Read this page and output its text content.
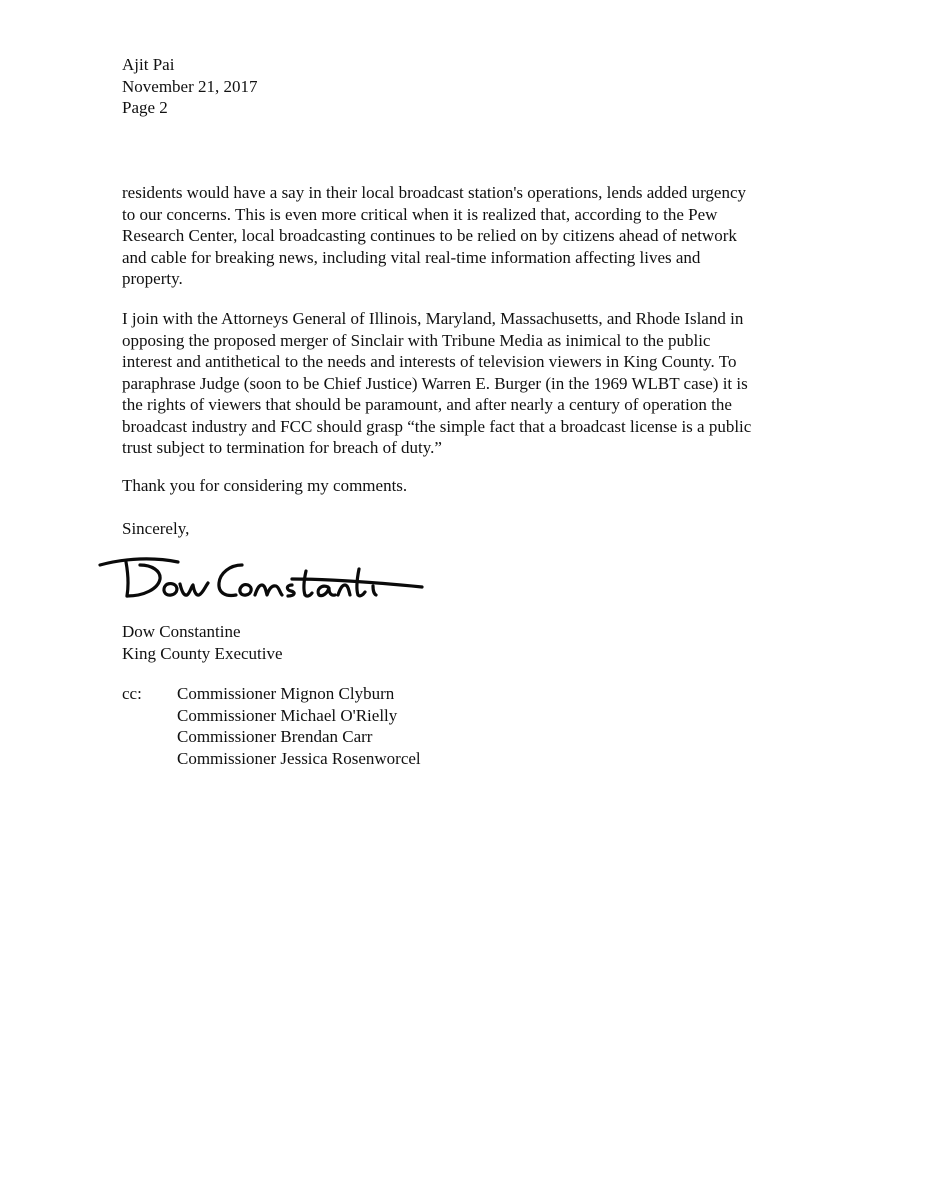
Ajit Pai
November 21, 2017
Page 2
residents would have a say in their local broadcast station's operations, lends added urgency
to our concerns. This is even more critical when it is realized that, according to the Pew
Research Center, local broadcasting continues to be relied on by citizens ahead of network
and cable for breaking news, including vital real-time information affecting lives and
property.
I join with the Attorneys General of Illinois, Maryland, Massachusetts, and Rhode Island in
opposing the proposed merger of Sinclair with Tribune Media as inimical to the public
interest and antithetical to the needs and interests of television viewers in King County. To
paraphrase Judge (soon to be Chief Justice) Warren E. Burger (in the 1969 WLBT case) it is
the rights of viewers that should be paramount, and after nearly a century of operation the
broadcast industry and FCC should grasp “the simple fact that a broadcast license is a public
trust subject to termination for breach of duty.”
Thank you for considering my comments.
Sincerely,
Dow Constantine
King County Executive
cc: Commissioner Mignon Clyburn
Commissioner Michael O'Rielly
Commissioner Brendan Carr
Commissioner Jessica Rosenworcel
